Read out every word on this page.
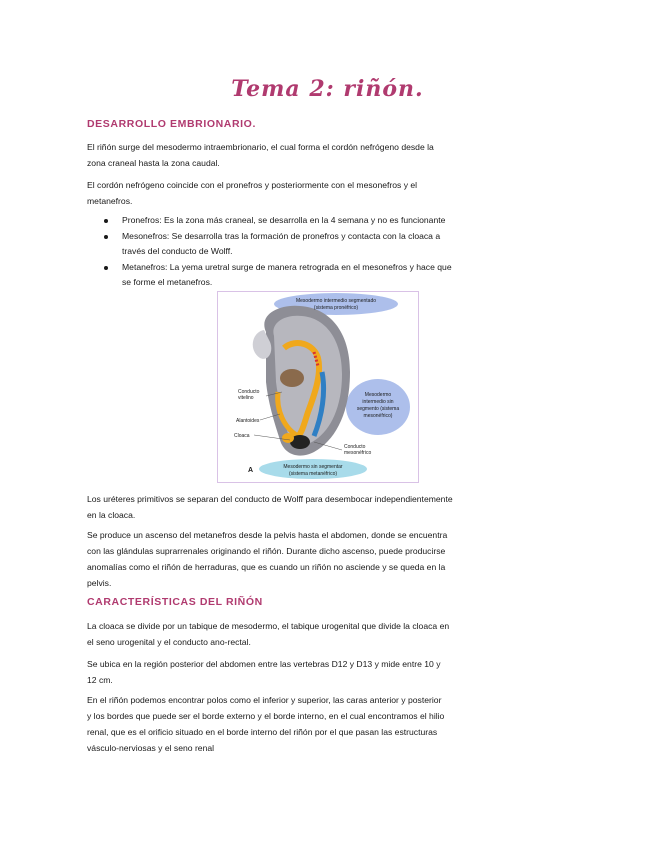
Tema 2: riñón.
DESARROLLO EMBRIONARIO.

El riñón surge del mesodermo intraembrionario, el cual forma el cordón nefrógeno desde la
zona craneal hasta la zona caudal.

El cordón nefrógeno coincide con el pronefros y posteriormente con el mesonefros y el
metanefros.

Pronefros: Es la zona más craneal, se desarrolla en la 4 semana y no es funcionante
Mesonefros: Se desarrolla tras la formación de pronefros y contacta con la cloaca a
través del conducto de Wolff.
Metanefros: La yema uretral surge de manera retrograda en el mesonefros y hace que
se forme el metanefros.
Mesodermo intermedio segmentado
(sistema pronéfrico)
Mesodermo
intermedio sin
segmento (sistema
mesonéfrico)
Mesodermo sin segmentar
(sistema metanéfrico)
Conducto
vitelino
Alantoides
Cloaca
Conducto
mesonéfrico
A

Los uréteres primitivos se separan del conducto de Wolff para desembocar independientemente
en la cloaca.

Se produce un ascenso del metanefros desde la pelvis hasta el abdomen, donde se encuentra
con las glándulas suprarrenales originando el riñón. Durante dicho ascenso, puede producirse
anomalías como el riñón de herraduras, que es cuando un riñón no asciende y se queda en la
pelvis.

CARACTERÍSTICAS DEL RIÑÓN

La cloaca se divide por un tabique de mesodermo, el tabique urogenital que divide la cloaca en
el seno urogenital y el conducto ano-rectal.

Se ubica en la región posterior del abdomen entre las vertebras D12 y D13 y mide entre 10 y
12 cm.

En el riñón podemos encontrar polos como el inferior y superior, las caras anterior y posterior
y los bordes que puede ser el borde externo y el borde interno, en el cual encontramos el hilio
renal, que es el orificio situado en el borde interno del riñón por el que pasan las estructuras
vásculo-nerviosas y el seno renal
